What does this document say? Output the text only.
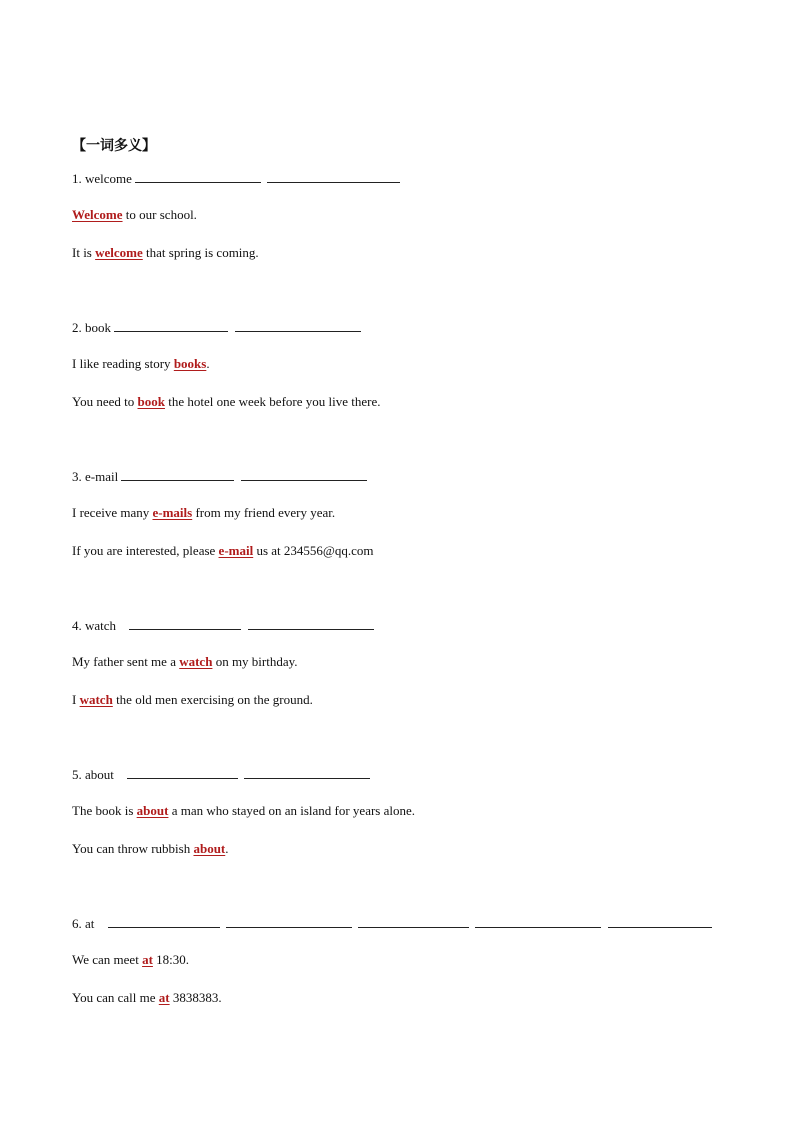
【一词多义】
1. welcome
Welcome to our school.
It is welcome that spring is coming.
2. book
I like reading story books.
You need to book the hotel one week before you live there.
3. e-mail
I receive many e-mails from my friend every year.
If you are interested, please e-mail us at 234556@qq.com
4. watch
My father sent me a watch on my birthday.
I watch the old men exercising on the ground.
5. about
The book is about a man who stayed on an island for years alone.
You can throw rubbish about.
6. at
We can meet at 18:30.
You can call me at 3838383.
